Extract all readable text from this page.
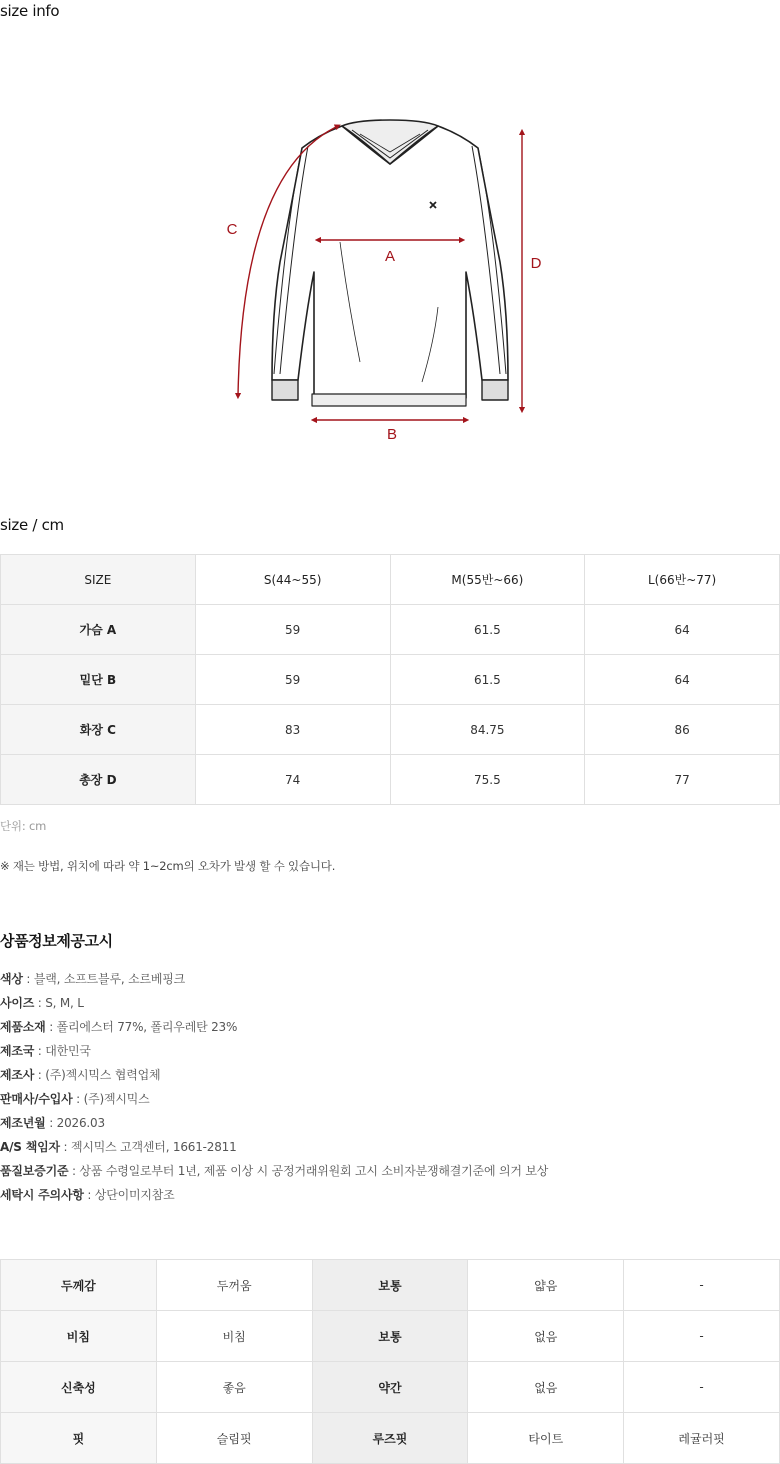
size info
A
B
C
D
size / cm
SIZE	S(44~55)	M(55반~66)	L(66반~77)
가슴 A	59	61.5	64
밑단 B	59	61.5	64
화장 C	83	84.75	86
총장 D	74	75.5	77
단위: cm
※ 재는 방법, 위치에 따라 약 1~2cm의 오차가 발생 할 수 있습니다.
상품정보제공고시
색상 : 블랙, 소프트블루, 소르베핑크
사이즈 : S, M, L
제품소재 : 폴리에스터 77%, 폴리우레탄 23%
제조국 : 대한민국
제조사 : (주)젝시믹스 협력업체
판매사/수입사 : (주)젝시믹스
제조년월 : 2026.03
A/S 책임자 : 젝시믹스 고객센터, 1661-2811
품질보증기준 : 상품 수령일로부터 1년, 제품 이상 시 공정거래위원회 고시 소비자분쟁해결기준에 의거 보상
세탁시 주의사항 : 상단이미지참조
두께감	두꺼움	보통	얇음	-
비침	비침	보통	없음	-
신축성	좋음	약간	없음	-
핏	슬림핏	루즈핏	타이트	레귤러핏
